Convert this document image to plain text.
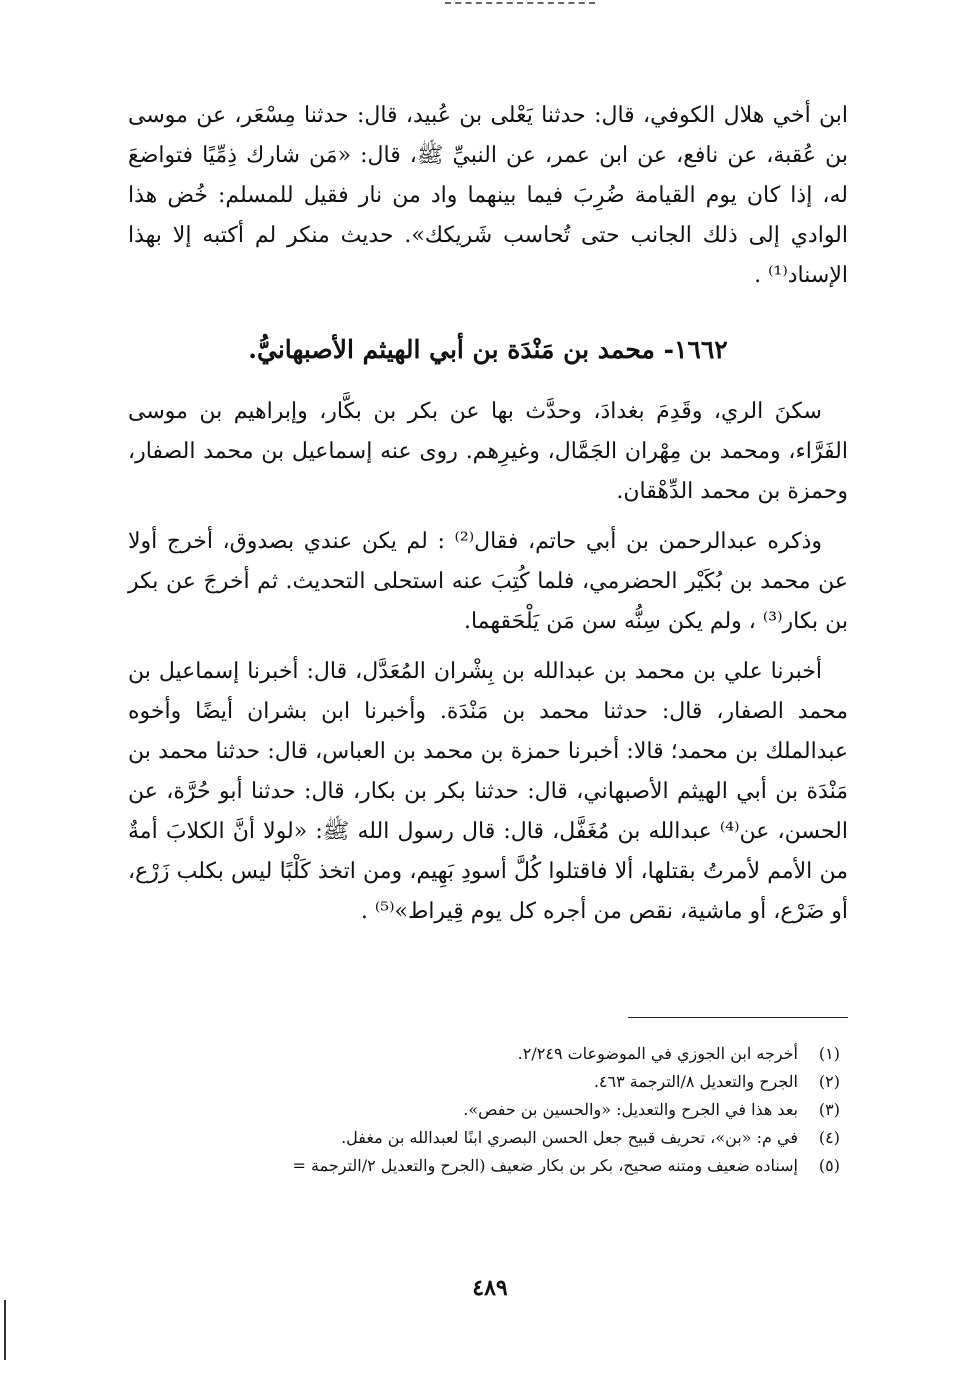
ابن أخي هلال الكوفي، قال: حدثنا يَعْلى بن عُبيد، قال: حدثنا مِسْعَر، عن موسى بن عُقبة، عن نافع، عن ابن عمر، عن النبيِّ ﷺ، قال: «مَن شارك ذِمِّيًا فتواضعَ له، إذا كان يوم القيامة ضُرِبَ فيما بينهما واد من نار فقيل للمسلم: خُض هذا الوادي إلى ذلك الجانب حتى تُحاسب شَريكك». حديث منكر لم أكتبه إلا بهذا الإسناد⁽¹⁾ .

١٦٦٢- محمد بن مَنْدَة بن أبي الهيثم الأصبهانيُّ.

سكنَ الري، وقَدِمَ بغدادَ، وحدَّث بها عن بكر بن بكَّار، وإبراهيم بن موسى الفَرَّاء، ومحمد بن مِهْران الجَمَّال، وغيرِهم. روى عنه إسماعيل بن محمد الصفار، وحمزة بن محمد الدِّهْقان.

وذكره عبدالرحمن بن أبي حاتم، فقال⁽²⁾ : لم يكن عندي بصدوق، أخرج أولا عن محمد بن بُكَيْر الحضرمي، فلما كُتِبَ عنه استحلى التحديث. ثم أخرجَ عن بكر بن بكار⁽³⁾ ، ولم يكن سِنُّه سن مَن يَلْحَقهما.

أخبرنا علي بن محمد بن عبدالله بن بِشْران المُعَدَّل، قال: أخبرنا إسماعيل بن محمد الصفار، قال: حدثنا محمد بن مَنْدَة. وأخبرنا ابن بشران أيضًا وأخوه عبدالملك بن محمد؛ قالا: أخبرنا حمزة بن محمد بن العباس، قال: حدثنا محمد بن مَنْدَة بن أبي الهيثم الأصبهاني، قال: حدثنا بكر بن بكار، قال: حدثنا أبو حُرَّة، عن الحسن، عن⁽⁴⁾ عبدالله بن مُغَفَّل، قال: قال رسول الله ﷺ: «لولا أنَّ الكلابَ أمةٌ من الأمم لأمرتُ بقتلها، ألا فاقتلوا كُلَّ أسودِ بَهِيم، ومن اتخذ كَلْبًا ليس بكلب زَرْع، أو ضَرْع، أو ماشية، نقص من أجره كل يوم قِيراط»⁽⁵⁾ .

(١)
أخرجه ابن الجوزي في الموضوعات ٢/٢٤٩.
(٢)
الجرح والتعديل ٨/الترجمة ٤٦٣.
(٣)
بعد هذا في الجرح والتعديل: «والحسين بن حفص».
(٤)
في م: «بن»، تحريف قبيح جعل الحسن البصري ابنًا لعبدالله بن مغفل.
(٥)
إسناده ضعيف ومتنه صحيح، بكر بن بكار ضعيف (الجرح والتعديل ٢/الترجمة =
٤٨٩
